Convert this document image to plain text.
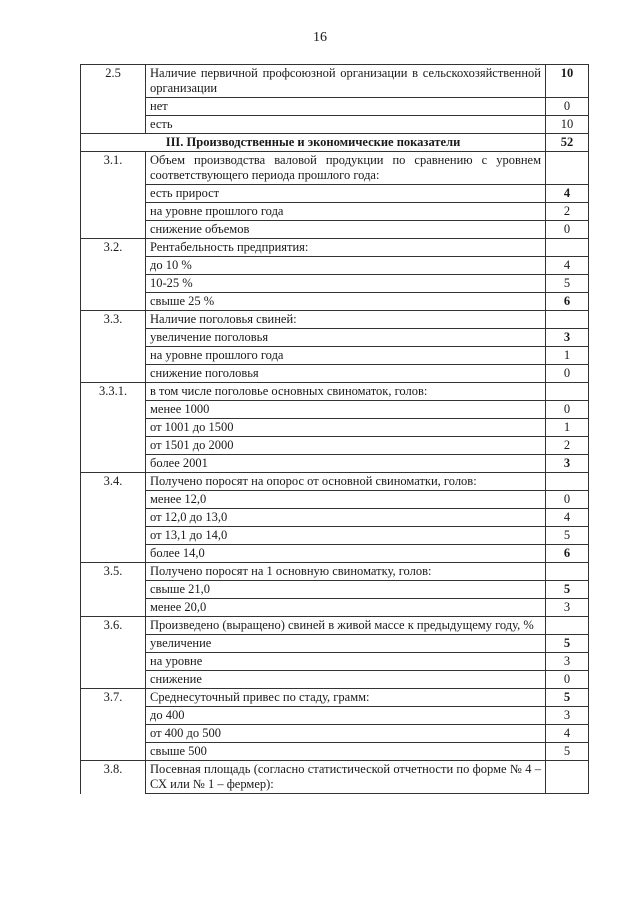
16
2.5	Наличие первичной профсоюзной организации в сельскохозяйственной организации	10
	нет	0
	есть	10
III. Производственные и экономические показатели		52
3.1.	Объем производства валовой продукции по сравнению с уровнем соответствующего периода прошлого года:	
	есть прирост	4
	на уровне прошлого года	2
	снижение объемов	0
3.2.	Рентабельность предприятия:	
	до 10 %	4
	10-25 %	5
	свыше 25 %	6
3.3.	Наличие поголовья свиней:	
	увеличение поголовья	3
	на уровне прошлого года	1
	снижение поголовья	0
3.3.1.	в том числе поголовье основных свиноматок, голов:	
	менее 1000	0
	от 1001 до 1500	1
	от 1501 до 2000	2
	более 2001	3
3.4.	Получено поросят на опорос от основной свиноматки, голов:	
	менее 12,0	0
	от 12,0 до 13,0	4
	от 13,1 до 14,0	5
	более 14,0	6
3.5.	Получено поросят на 1 основную свиноматку, голов:	
	свыше 21,0	5
	менее 20,0	3
3.6.	Произведено (выращено) свиней в живой массе к предыдущему году, %	
	увеличение	5
	на уровне	3
	снижение	0
3.7.	Среднесуточный привес по стаду, грамм:	5
	до 400	3
	от 400 до 500	4
	свыше 500	5
3.8.	Посевная площадь (согласно статистической отчетности по форме № 4 – СХ или № 1 – фермер):	
